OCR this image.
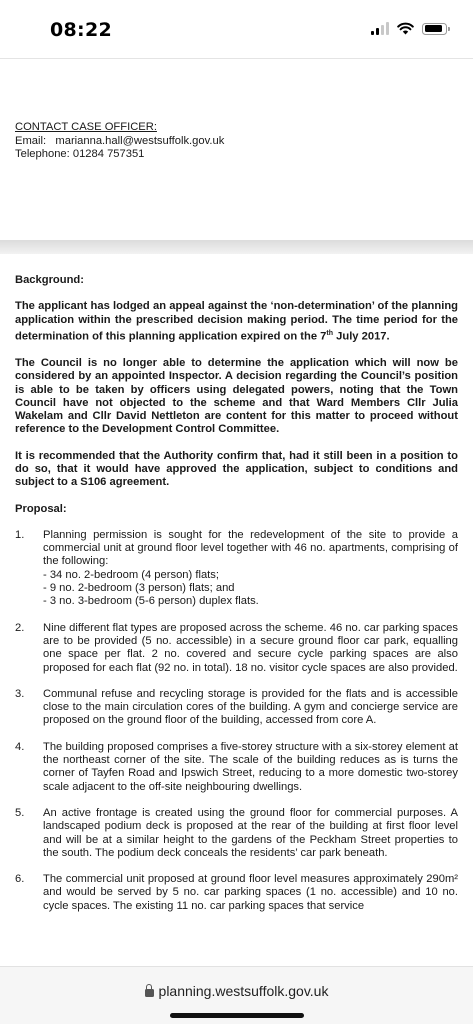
08:22
CONTACT CASE OFFICER:
Email:   marianna.hall@westsuffolk.gov.uk
Telephone: 01284 757351
Background:
The applicant has lodged an appeal against the ‘non-determination’ of the planning application within the prescribed decision making period. The time period for the determination of this planning application expired on the 7th July 2017.
The Council is no longer able to determine the application which will now be considered by an appointed Inspector. A decision regarding the Council’s position is able to be taken by officers using delegated powers, noting that the Town Council have not objected to the scheme and that Ward Members Cllr Julia Wakelam and Cllr David Nettleton are content for this matter to proceed without reference to the Development Control Committee.
It is recommended that the Authority confirm that, had it still been in a position to do so, that it would have approved the application, subject to conditions and subject to a S106 agreement.
Proposal:
1.	Planning permission is sought for the redevelopment of the site to provide a commercial unit at ground floor level together with 46 no. apartments, comprising of the following:
- 34 no. 2-bedroom (4 person) flats;
- 9 no. 2-bedroom (3 person) flats; and
- 3 no. 3-bedroom (5-6 person) duplex flats.
2.	Nine different flat types are proposed across the scheme. 46 no. car parking spaces are to be provided (5 no. accessible) in a secure ground floor car park, equalling one space per flat. 2 no. covered and secure cycle parking spaces are also proposed for each flat (92 no. in total). 18 no. visitor cycle spaces are also provided.
3.	Communal refuse and recycling storage is provided for the flats and is accessible close to the main circulation cores of the building. A gym and concierge service are proposed on the ground floor of the building, accessed from core A.
4.	The building proposed comprises a five-storey structure with a six-storey element at the northeast corner of the site. The scale of the building reduces as is turns the corner of Tayfen Road and Ipswich Street, reducing to a more domestic two-storey scale adjacent to the off-site neighbouring dwellings.
5.	An active frontage is created using the ground floor for commercial purposes. A landscaped podium deck is proposed at the rear of the building at first floor level and will be at a similar height to the gardens of the Peckham Street properties to the south. The podium deck conceals the residents’ car park beneath.
6.	The commercial unit proposed at ground floor level measures approximately 290m² and would be served by 5 no. car parking spaces (1 no. accessible) and 10 no. cycle spaces. The existing 11 no. car parking spaces that service
planning.westsuffolk.gov.uk
